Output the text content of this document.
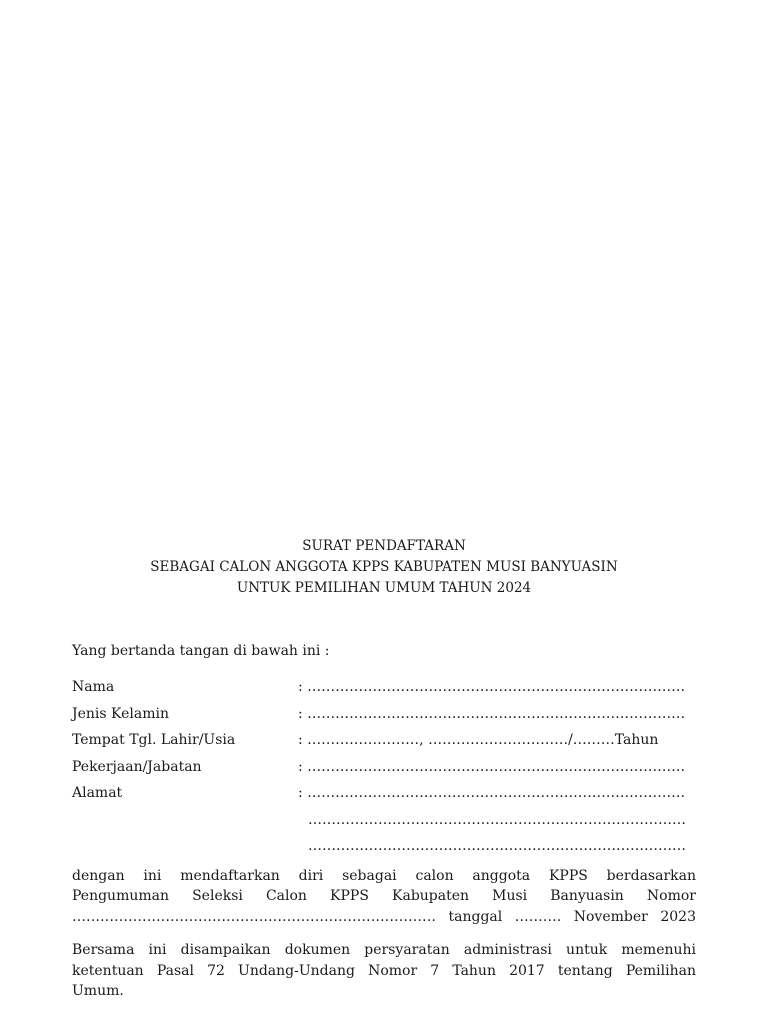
SURAT PENDAFTARAN
SEBAGAI CALON ANGGOTA KPPS KABUPATEN MUSI BANYUASIN
UNTUK PEMILIHAN UMUM TAHUN 2024
Yang bertanda tangan di bawah ini :
Nama	: ………………………………………………………………………
Jenis Kelamin	: ………………………………………………………………………
Tempat Tgl. Lahir/Usia	: ……………………, …………………………/………Tahun
Pekerjaan/Jabatan	: ………………………………………………………………………
Alamat	: ………………………………………………………………………
………………………………………………………………………
………………………………………………………………………
dengan ini mendaftarkan diri sebagai calon anggota KPPS berdasarkan
Pengumuman Seleksi Calon KPPS Kabupaten Musi Banyuasin Nomor
…………………………………………………………………… tanggal ………. November 2023
Bersama ini disampaikan dokumen persyaratan administrasi untuk memenuhi
ketentuan Pasal 72 Undang-Undang Nomor 7 Tahun 2017 tentang Pemilihan
Umum.
